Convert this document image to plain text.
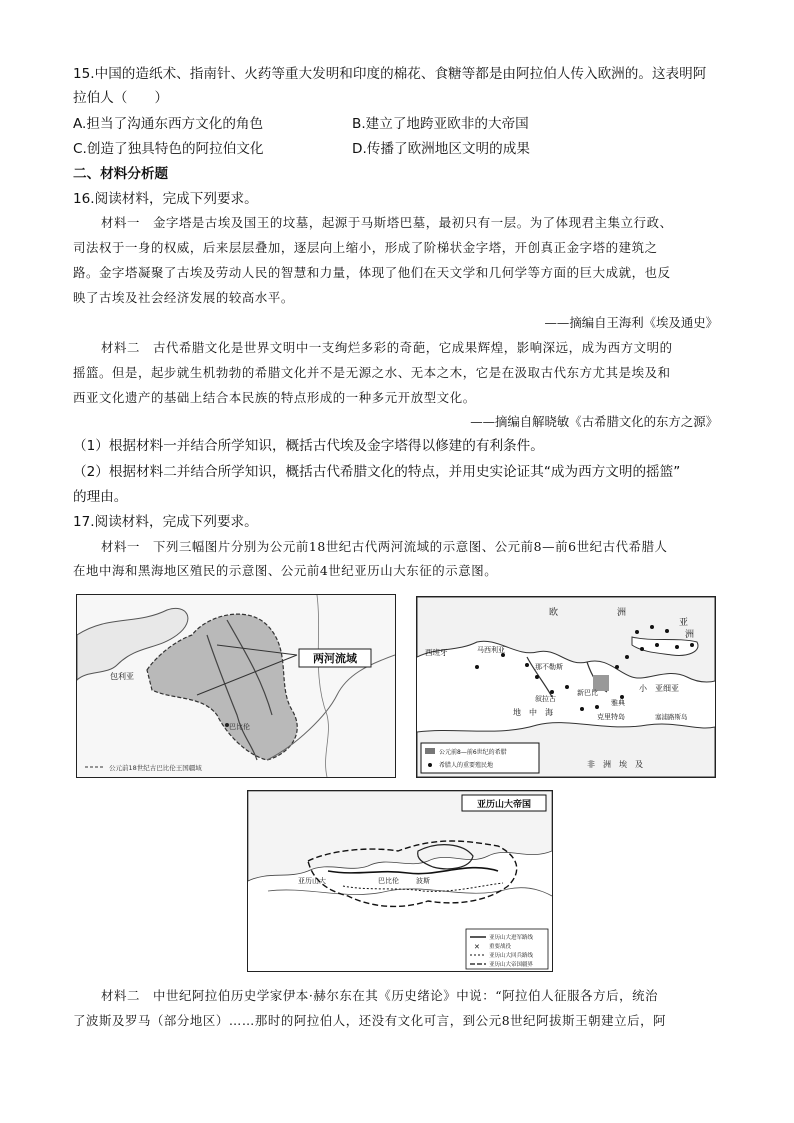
15.中国的造纸术、指南针、火药等重大发明和印度的棉花、食糖等都是由阿拉伯人传入欧洲的。这表明阿
拉伯人（　　）
A.担当了沟通东西方文化的角色	B.建立了地跨亚欧非的大帝国
C.创造了独具特色的阿拉伯文化	D.传播了欧洲地区文明的成果
二、材料分析题
16.阅读材料，完成下列要求。
材料一　金字塔是古埃及国王的坟墓，起源于马斯塔巴墓，最初只有一层。为了体现君主集立行政、
司法权于一身的权威，后来层层叠加，逐层向上缩小，形成了阶梯状金字塔，开创真正金字塔的建筑之
路。金字塔凝聚了古埃及劳动人民的智慧和力量，体现了他们在天文学和几何学等方面的巨大成就，也反
映了古埃及社会经济发展的较高水平。
——摘编自王海利《埃及通史》
材料二　古代希腊文化是世界文明中一支绚烂多彩的奇葩，它成果辉煌，影响深远，成为西方文明的
摇篮。但是，起步就生机勃勃的希腊文化并不是无源之水、无本之木，它是在汲取古代东方尤其是埃及和
西亚文化遗产的基础上结合本民族的特点形成的一种多元开放型文化。
——摘编自解晓敏《古希腊文化的东方之源》
（1）根据材料一并结合所学知识，概括古代埃及金字塔得以修建的有利条件。
（2）根据材料二并结合所学知识，概括古代希腊文化的特点，并用史实论证其“成为西方文明的摇篮”
的理由。
17.阅读材料，完成下列要求。
材料一　下列三幅图片分别为公元前18世纪古代两河流域的示意图、公元前8—前6世纪古代希腊人
在地中海和黑海地区殖民的示意图、公元前4世纪亚历山大东征的示意图。
两河流域
包利亚
巴比伦
公元前18世纪古巴比伦王国疆域
欧	洲
亚
洲
西班牙	马西利亚
那不勒斯
叙拉古
小　亚细亚
雅典
新巴比
克里特岛	塞浦路斯岛
地　中　海
非　洲　埃　及
公元前8—前6世纪的希腊
希腊人的重要殖民地
亚历山大帝国
巴比伦
亚历山大	波斯
亚历山大进军路线
✕ 重要战役
亚历山大回兵路线
亚历山大帝国疆界
材料二　中世纪阿拉伯历史学家伊本·赫尔东在其《历史绪论》中说：“阿拉伯人征服各方后，统治
了波斯及罗马（部分地区）……那时的阿拉伯人，还没有文化可言，到公元8世纪阿拔斯王朝建立后，阿
